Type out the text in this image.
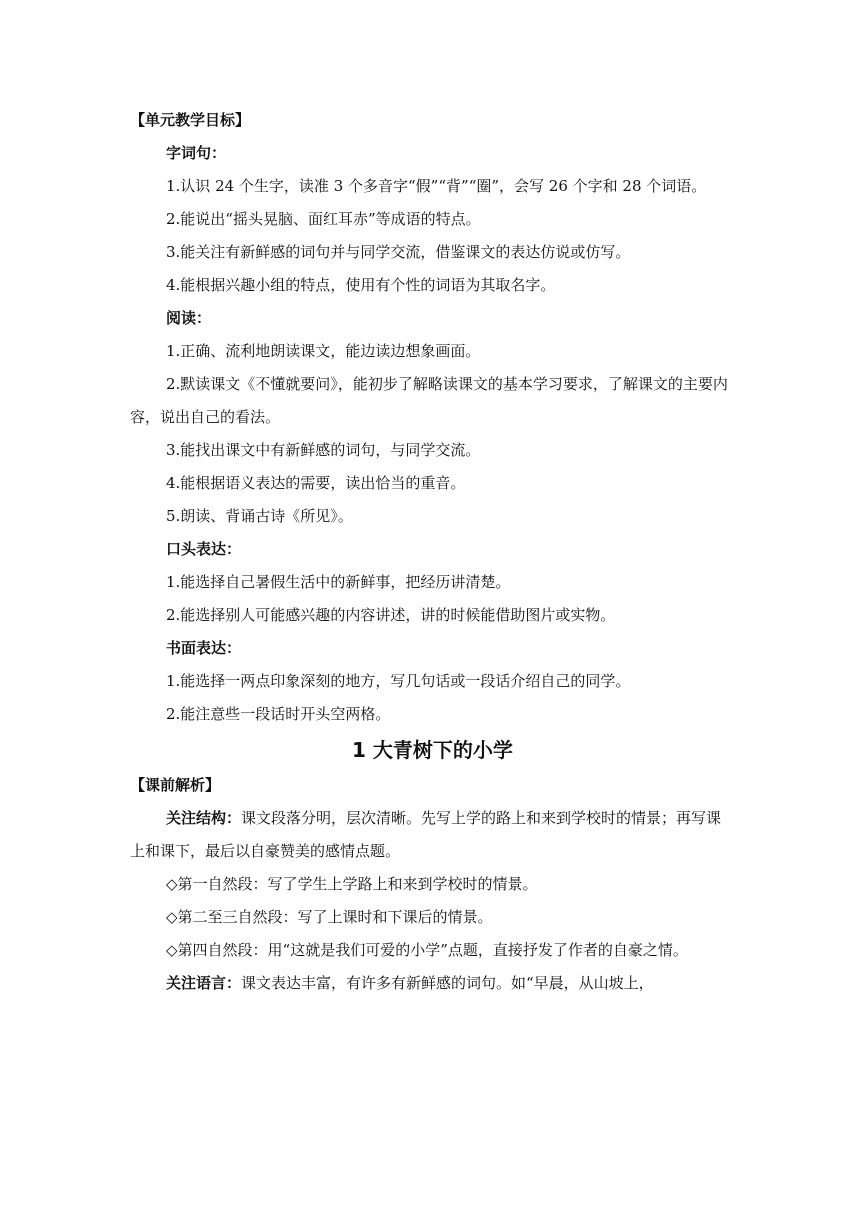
【单元教学目标】

字词句：

1.认识 24 个生字，读准 3 个多音字“假”“背”“圈”，会写 26 个字和 28 个词语。

2.能说出“摇头晃脑、面红耳赤”等成语的特点。

3.能关注有新鲜感的词句并与同学交流，借鉴课文的表达仿说或仿写。

4.能根据兴趣小组的特点，使用有个性的词语为其取名字。

阅读：

1.正确、流利地朗读课文，能边读边想象画面。

2.默读课文《不懂就要问》，能初步了解略读课文的基本学习要求，了解课文的主要内容，说出自己的看法。

3.能找出课文中有新鲜感的词句，与同学交流。

4.能根据语义表达的需要，读出恰当的重音。

5.朗读、背诵古诗《所见》。

口头表达：

1.能选择自己暑假生活中的新鲜事，把经历讲清楚。

2.能选择别人可能感兴趣的内容讲述，讲的时候能借助图片或实物。

书面表达：

1.能选择一两点印象深刻的地方，写几句话或一段话介绍自己的同学。

2.能注意些一段话时开头空两格。

1 大青树下的小学

【课前解析】

关注结构：课文段落分明，层次清晰。先写上学的路上和来到学校时的情景；再写课上和课下，最后以自豪赞美的感情点题。

◇第一自然段：写了学生上学路上和来到学校时的情景。

◇第二至三自然段：写了上课时和下课后的情景。

◇第四自然段：用“这就是我们可爱的小学”点题，直接抒发了作者的自豪之情。

关注语言：课文表达丰富，有许多有新鲜感的词句。如“早晨，从山坡上，
